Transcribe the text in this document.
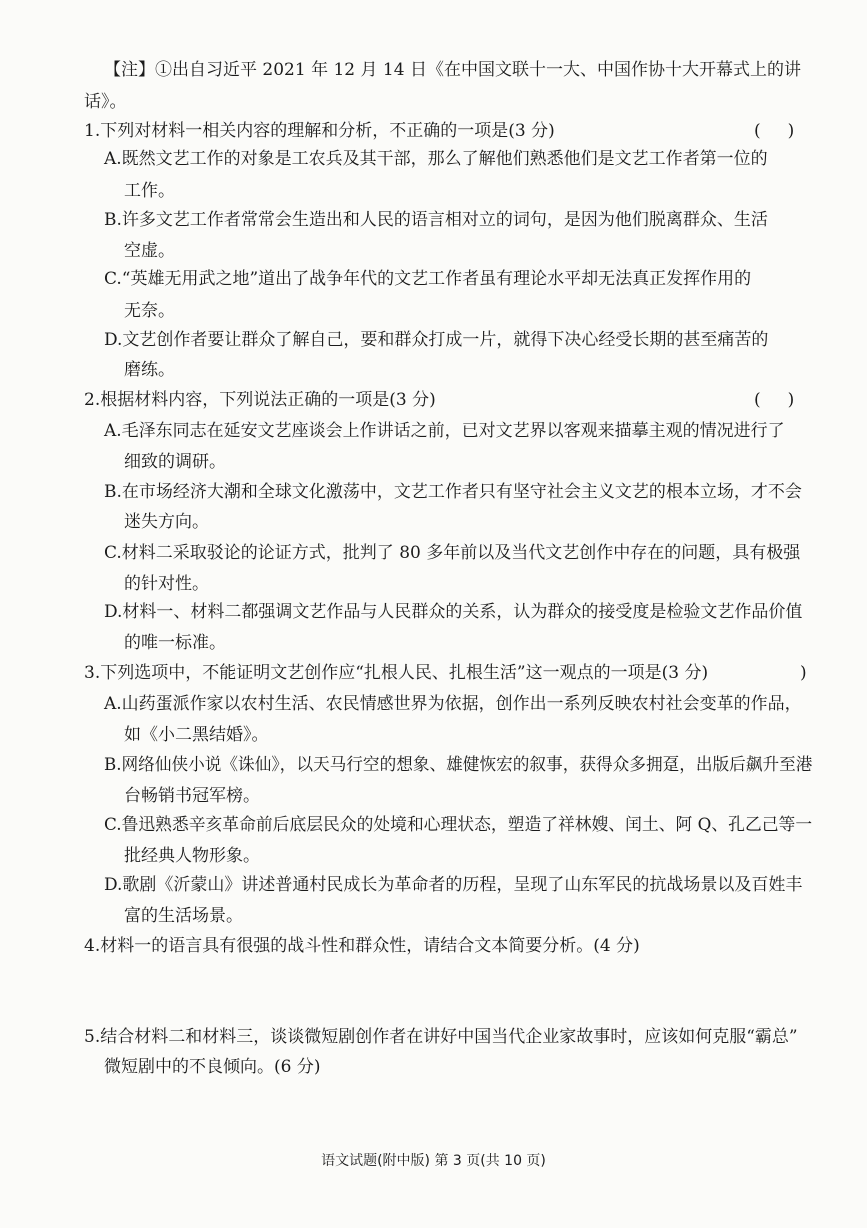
【注】①出自习近平 2021 年 12 月 14 日《在中国文联十一大、中国作协十大开幕式上的讲
话》。
1.下列对材料一相关内容的理解和分析，不正确的一项是(3 分)	(     )
A.既然文艺工作的对象是工农兵及其干部，那么了解他们熟悉他们是文艺工作者第一位的
工作。
B.许多文艺工作者常常会生造出和人民的语言相对立的词句，是因为他们脱离群众、生活
空虚。
C.“英雄无用武之地”道出了战争年代的文艺工作者虽有理论水平却无法真正发挥作用的
无奈。
D.文艺创作者要让群众了解自己，要和群众打成一片，就得下决心经受长期的甚至痛苦的
磨练。
2.根据材料内容，下列说法正确的一项是(3 分)	(     )
A.毛泽东同志在延安文艺座谈会上作讲话之前，已对文艺界以客观来描摹主观的情况进行了
细致的调研。
B.在市场经济大潮和全球文化激荡中，文艺工作者只有坚守社会主义文艺的根本立场，才不会
迷失方向。
C.材料二采取驳论的论证方式，批判了 80 多年前以及当代文艺创作中存在的问题，具有极强
的针对性。
D.材料一、材料二都强调文艺作品与人民群众的关系，认为群众的接受度是检验文艺作品价值
的唯一标准。
3.下列选项中，不能证明文艺创作应“扎根人民、扎根生活”这一观点的一项是(3 分)	)
A.山药蛋派作家以农村生活、农民情感世界为依据，创作出一系列反映农村社会变革的作品，
如《小二黑结婚》。
B.网络仙侠小说《诛仙》，以天马行空的想象、雄健恢宏的叙事，获得众多拥趸，出版后飙升至港
台畅销书冠军榜。
C.鲁迅熟悉辛亥革命前后底层民众的处境和心理状态，塑造了祥林嫂、闰土、阿 Q、孔乙己等一
批经典人物形象。
D.歌剧《沂蒙山》讲述普通村民成长为革命者的历程，呈现了山东军民的抗战场景以及百姓丰
富的生活场景。
4.材料一的语言具有很强的战斗性和群众性，请结合文本简要分析。(4 分)
5.结合材料二和材料三，谈谈微短剧创作者在讲好中国当代企业家故事时，应该如何克服“霸总”
微短剧中的不良倾向。(6 分)
语文试题(附中版) 第 3 页(共 10 页)
